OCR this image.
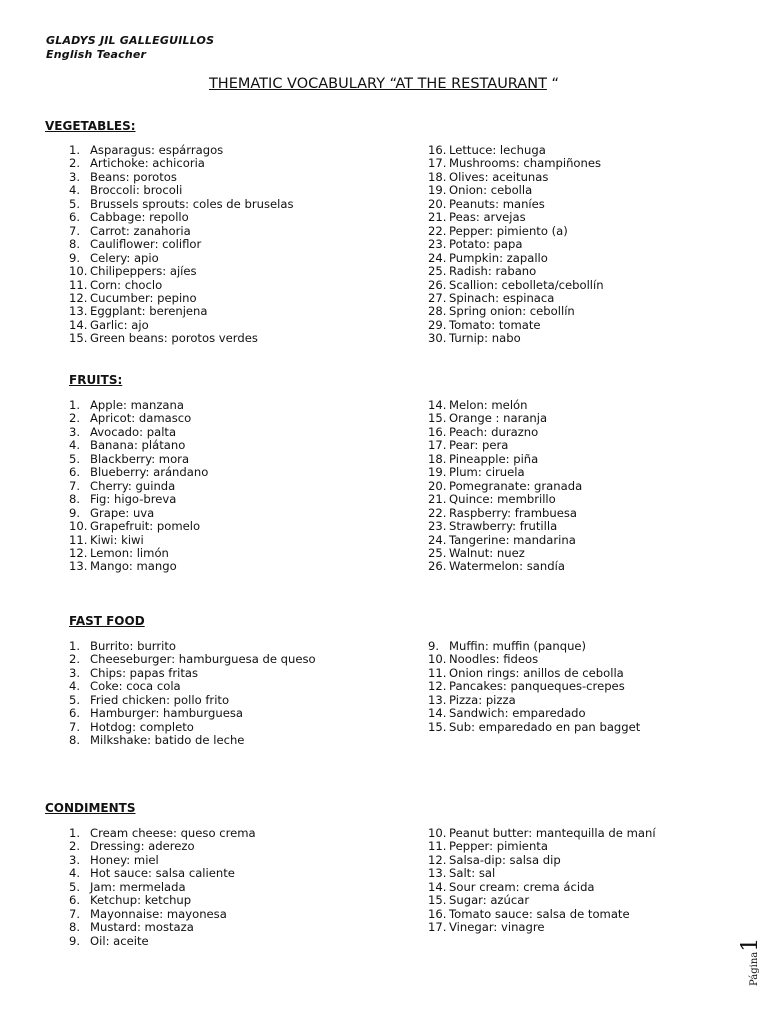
GLADYS JIL GALLEGUILLOS
English Teacher
THEMATIC VOCABULARY “AT THE RESTAURANT “
VEGETABLES:
1. Asparagus: espárragos
2. Artichoke: achicoria
3. Beans: porotos
4. Broccoli: brocoli
5. Brussels sprouts: coles de bruselas
6. Cabbage: repollo
7. Carrot: zanahoria
8. Cauliflower: coliflor
9. Celery: apio
10. Chilipeppers: ajíes
11. Corn: choclo
12. Cucumber: pepino
13. Eggplant: berenjena
14. Garlic: ajo
15. Green beans: porotos verdes
16. Lettuce: lechuga
17. Mushrooms: champiñones
18. Olives: aceitunas
19. Onion: cebolla
20. Peanuts: maníes
21. Peas: arvejas
22. Pepper: pimiento (a)
23. Potato: papa
24. Pumpkin: zapallo
25. Radish: rabano
26. Scallion: cebolleta/cebollín
27. Spinach: espinaca
28. Spring onion: cebollín
29. Tomato: tomate
30. Turnip: nabo
FRUITS:
1. Apple: manzana
2. Apricot: damasco
3. Avocado: palta
4. Banana: plátano
5. Blackberry: mora
6. Blueberry: arándano
7. Cherry: guinda
8. Fig: higo-breva
9. Grape: uva
10. Grapefruit: pomelo
11. Kiwi: kiwi
12. Lemon: limón
13. Mango: mango
14. Melon: melón
15. Orange : naranja
16. Peach: durazno
17. Pear: pera
18. Pineapple: piña
19. Plum: ciruela
20. Pomegranate: granada
21. Quince: membrillo
22. Raspberry: frambuesa
23. Strawberry: frutilla
24. Tangerine: mandarina
25. Walnut: nuez
26. Watermelon: sandía
FAST FOOD
1. Burrito: burrito
2. Cheeseburger: hamburguesa de queso
3. Chips: papas fritas
4. Coke: coca cola
5. Fried chicken: pollo frito
6. Hamburger: hamburguesa
7. Hotdog: completo
8. Milkshake: batido de leche
9. Muffin: muffin (panque)
10. Noodles: fideos
11. Onion rings: anillos de cebolla
12. Pancakes: panqueques-crepes
13. Pizza: pizza
14. Sandwich: emparedado
15. Sub: emparedado en pan bagget
CONDIMENTS
1. Cream cheese: queso crema
2. Dressing: aderezo
3. Honey: miel
4. Hot sauce: salsa caliente
5. Jam: mermelada
6. Ketchup: ketchup
7. Mayonnaise: mayonesa
8. Mustard: mostaza
9. Oil: aceite
10. Peanut butter: mantequilla de maní
11. Pepper: pimienta
12. Salsa-dip: salsa dip
13. Salt: sal
14. Sour cream: crema ácida
15. Sugar: azúcar
16. Tomato sauce: salsa de tomate
17. Vinegar: vinagre
Página1
